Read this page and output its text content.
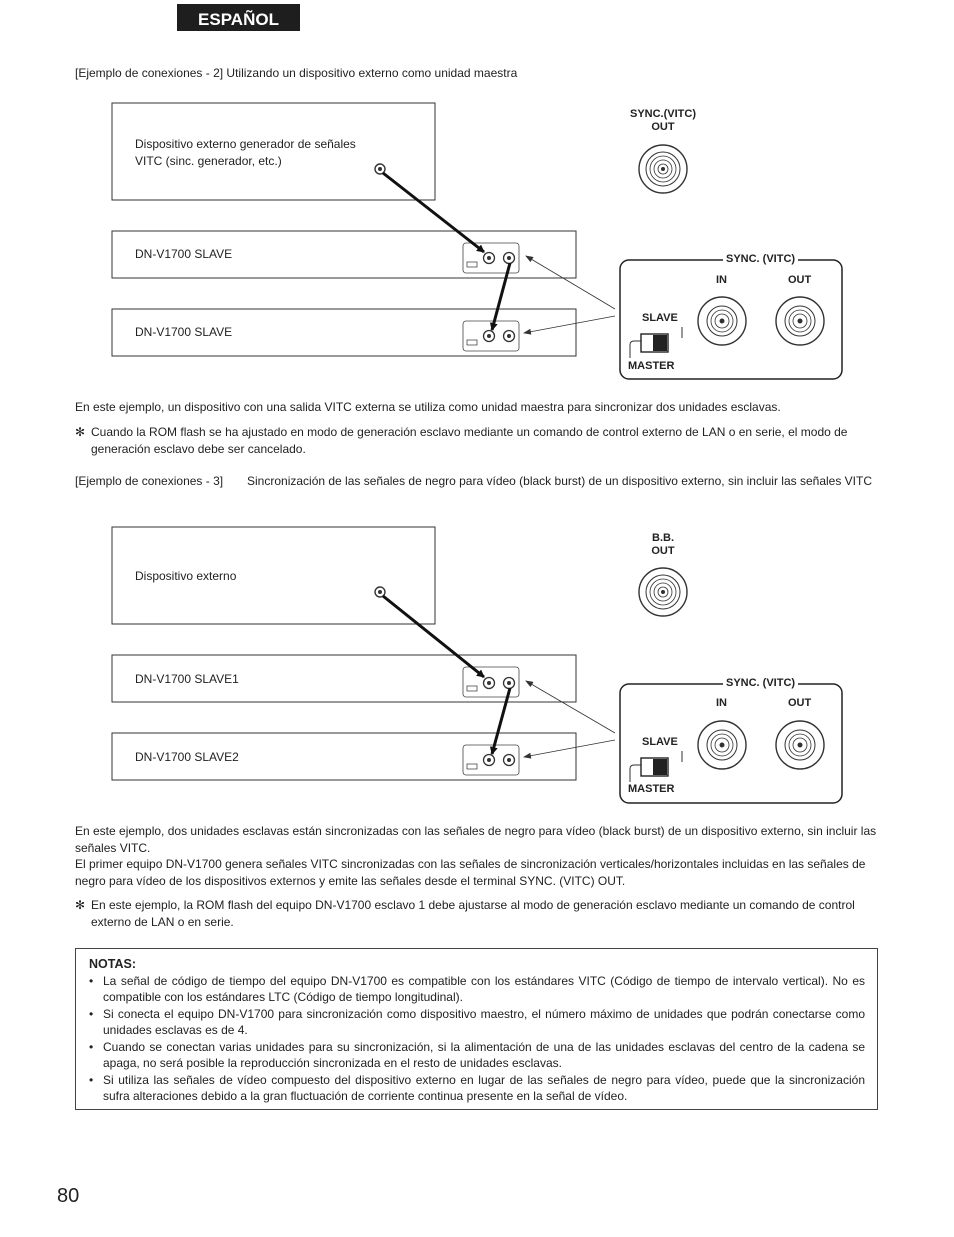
ESPAÑOL
[Ejemplo de conexiones - 2] Utilizando un dispositivo externo como unidad maestra
Dispositivo externo generador de señales VITC (sinc. generador, etc.)
DN-V1700 SLAVE
DN-V1700 SLAVE
SYNC.(VITC)
OUT
SYNC. (VITC)
IN	OUT
SLAVE
MASTER
En este ejemplo, un dispositivo con una salida VITC externa se utiliza como unidad maestra para sincronizar dos unidades esclavas.
✻ Cuando la ROM flash se ha ajustado en modo de generación esclavo mediante un comando de control externo de LAN o en serie, el modo de generación esclavo debe ser cancelado.
[Ejemplo de conexiones - 3]	Sincronización de las señales de negro para vídeo (black burst) de un dispositivo externo, sin incluir las señales VITC
Dispositivo externo
DN-V1700 SLAVE1
DN-V1700 SLAVE2
B.B.
OUT
SYNC. (VITC)
IN	OUT
SLAVE
MASTER
En este ejemplo, dos unidades esclavas están sincronizadas con las señales de negro para vídeo (black burst) de un dispositivo externo, sin incluir las señales VITC.
El primer equipo DN-V1700 genera señales VITC sincronizadas con las señales de sincronización verticales/horizontales incluidas en las señales de negro para vídeo de los dispositivos externos y emite las señales desde el terminal SYNC. (VITC) OUT.
✻ En este ejemplo, la ROM flash del equipo DN-V1700 esclavo 1 debe ajustarse al modo de generación esclavo mediante un comando de control externo de LAN o en serie.
NOTAS:
• La señal de código de tiempo del equipo DN-V1700 es compatible con los estándares VITC (Código de tiempo de intervalo vertical). No es compatible con los estándares LTC (Código de tiempo longitudinal).
• Si conecta el equipo DN-V1700 para sincronización como dispositivo maestro, el número máximo de unidades que podrán conectarse como unidades esclavas es de 4.
• Cuando se conectan varias unidades para su sincronización, si la alimentación de una de las unidades esclavas del centro de la cadena se apaga, no será posible la reproducción sincronizada en el resto de unidades esclavas.
• Si utiliza las señales de vídeo compuesto del dispositivo externo en lugar de las señales de negro para vídeo, puede que la sincronización sufra alteraciones debido a la gran fluctuación de corriente continua presente en la señal de vídeo.
80
